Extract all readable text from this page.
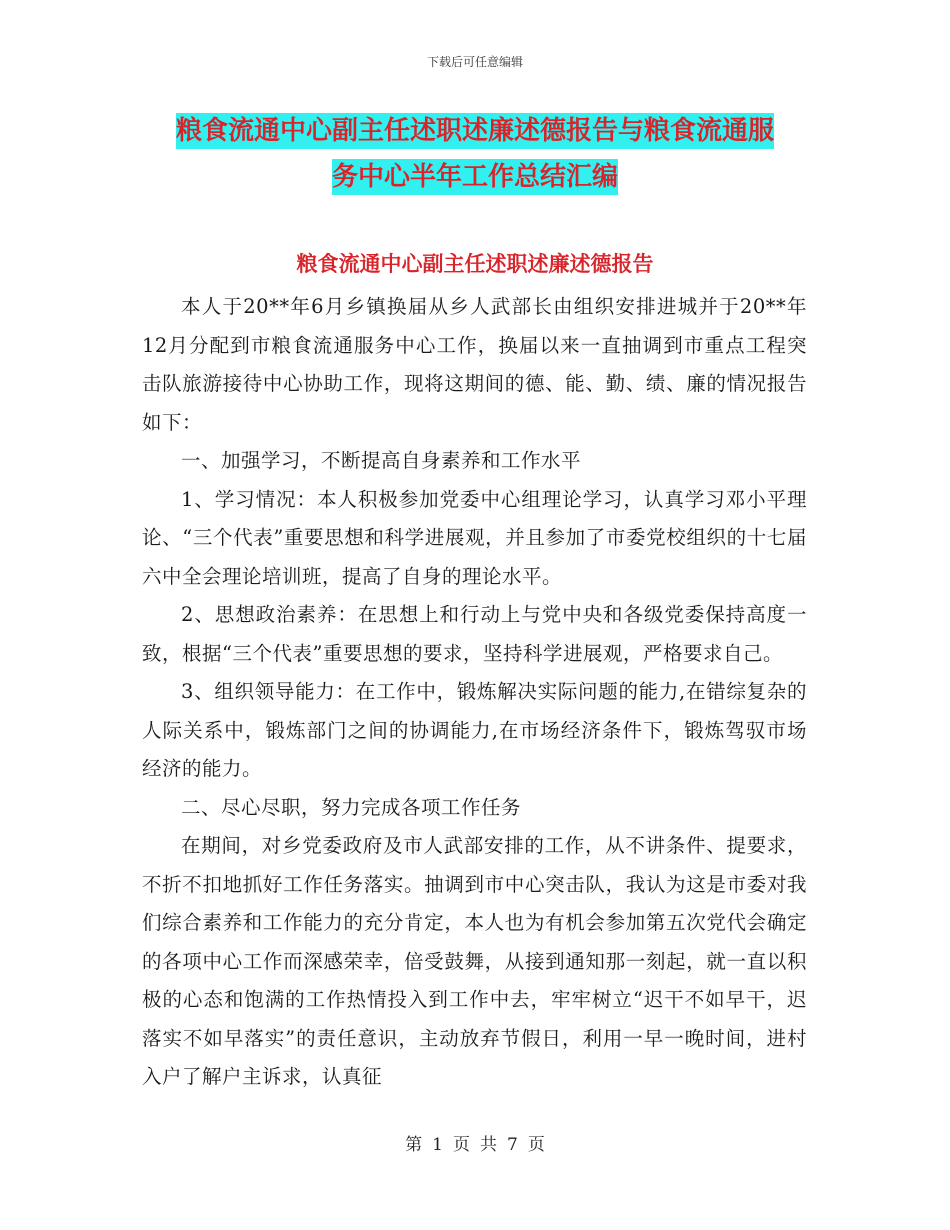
下载后可任意编辑
粮食流通中心副主任述职述廉述德报告与粮食流通服
务中心半年工作总结汇编
粮食流通中心副主任述职述廉述德报告

本人于20**年6月乡镇换届从乡人武部长由组织安排进城并于20**年12月分配到市粮食流通服务中心工作，换届以来一直抽调到市重点工程突击队旅游接待中心协助工作，现将这期间的德、能、勤、绩、廉的情况报告如下：

一、加强学习，不断提高自身素养和工作水平

1、学习情况：本人积极参加党委中心组理论学习，认真学习邓小平理论、“三个代表”重要思想和科学进展观，并且参加了市委党校组织的十七届六中全会理论培训班，提高了自身的理论水平。

2、思想政治素养：在思想上和行动上与党中央和各级党委保持高度一致，根据“三个代表”重要思想的要求，坚持科学进展观，严格要求自己。

3、组织领导能力：在工作中，锻炼解决实际问题的能力,在错综复杂的人际关系中，锻炼部门之间的协调能力,在市场经济条件下，锻炼驾驭市场经济的能力。

二、尽心尽职，努力完成各项工作任务

在期间，对乡党委政府及市人武部安排的工作，从不讲条件、提要求，不折不扣地抓好工作任务落实。抽调到市中心突击队，我认为这是市委对我们综合素养和工作能力的充分肯定，本人也为有机会参加第五次党代会确定的各项中心工作而深感荣幸，倍受鼓舞，从接到通知那一刻起，就一直以积极的心态和饱满的工作热情投入到工作中去，牢牢树立“迟干不如早干，迟落实不如早落实”的责任意识，主动放弃节假日，利用一早一晚时间，进村入户了解户主诉求，认真征

第 1 页 共 7 页
